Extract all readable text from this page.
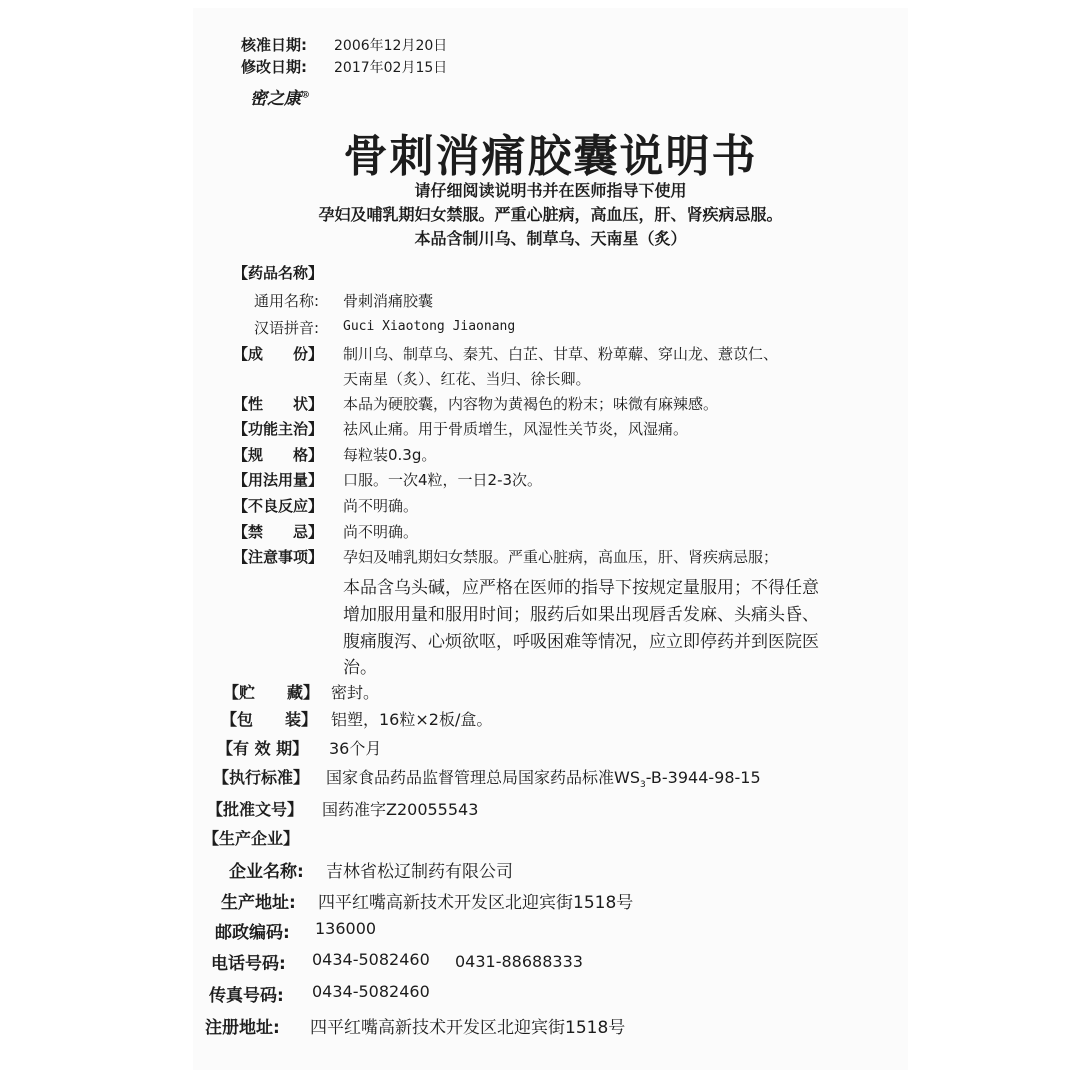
核准日期: 2006年12月20日
修改日期: 2017年02月15日
密之康®
骨刺消痛胶囊说明书
请仔细阅读说明书并在医师指导下使用
孕妇及哺乳期妇女禁服。严重心脏病，高血压，肝、肾疾病忌服。
本品含制川乌、制草乌、天南星（炙）
【药品名称】
通用名称: 骨刺消痛胶囊
汉语拼音: Guci Xiaotong Jiaonang
【成　　份】 制川乌、制草乌、秦艽、白芷、甘草、粉萆薢、穿山龙、薏苡仁、
天南星（炙）、红花、当归、徐长卿。
【性　　状】 本品为硬胶囊，内容物为黄褐色的粉末；味微有麻辣感。
【功能主治】 祛风止痛。用于骨质增生，风湿性关节炎，风湿痛。
【规　　格】 每粒装0.3g。
【用法用量】 口服。一次4粒，一日2-3次。
【不良反应】 尚不明确。
【禁　　忌】 尚不明确。
【注意事项】 孕妇及哺乳期妇女禁服。严重心脏病，高血压，肝、肾疾病忌服；
本品含乌头碱，应严格在医师的指导下按规定量服用；不得任意
增加服用量和服用时间；服药后如果出现唇舌发麻、头痛头昏、
腹痛腹泻、心烦欲呕，呼吸困难等情况，应立即停药并到医院医
治。
【贮　　藏】 密封。
【包　　装】 铝塑，16粒×2板/盒。
【有 效 期】 36个月
【执行标准】 国家食品药品监督管理总局国家药品标准$WS_3-B-3944-98-15$
【批准文号】 国药准字Z20055543
【生产企业】
企业名称: 吉林省松辽制药有限公司
生产地址: 四平红嘴高新技术开发区北迎宾街1518号
邮政编码: 136000
电话号码: 0434-5082460 0431-88688333
传真号码: 0434-5082460
注册地址: 四平红嘴高新技术开发区北迎宾街1518号
